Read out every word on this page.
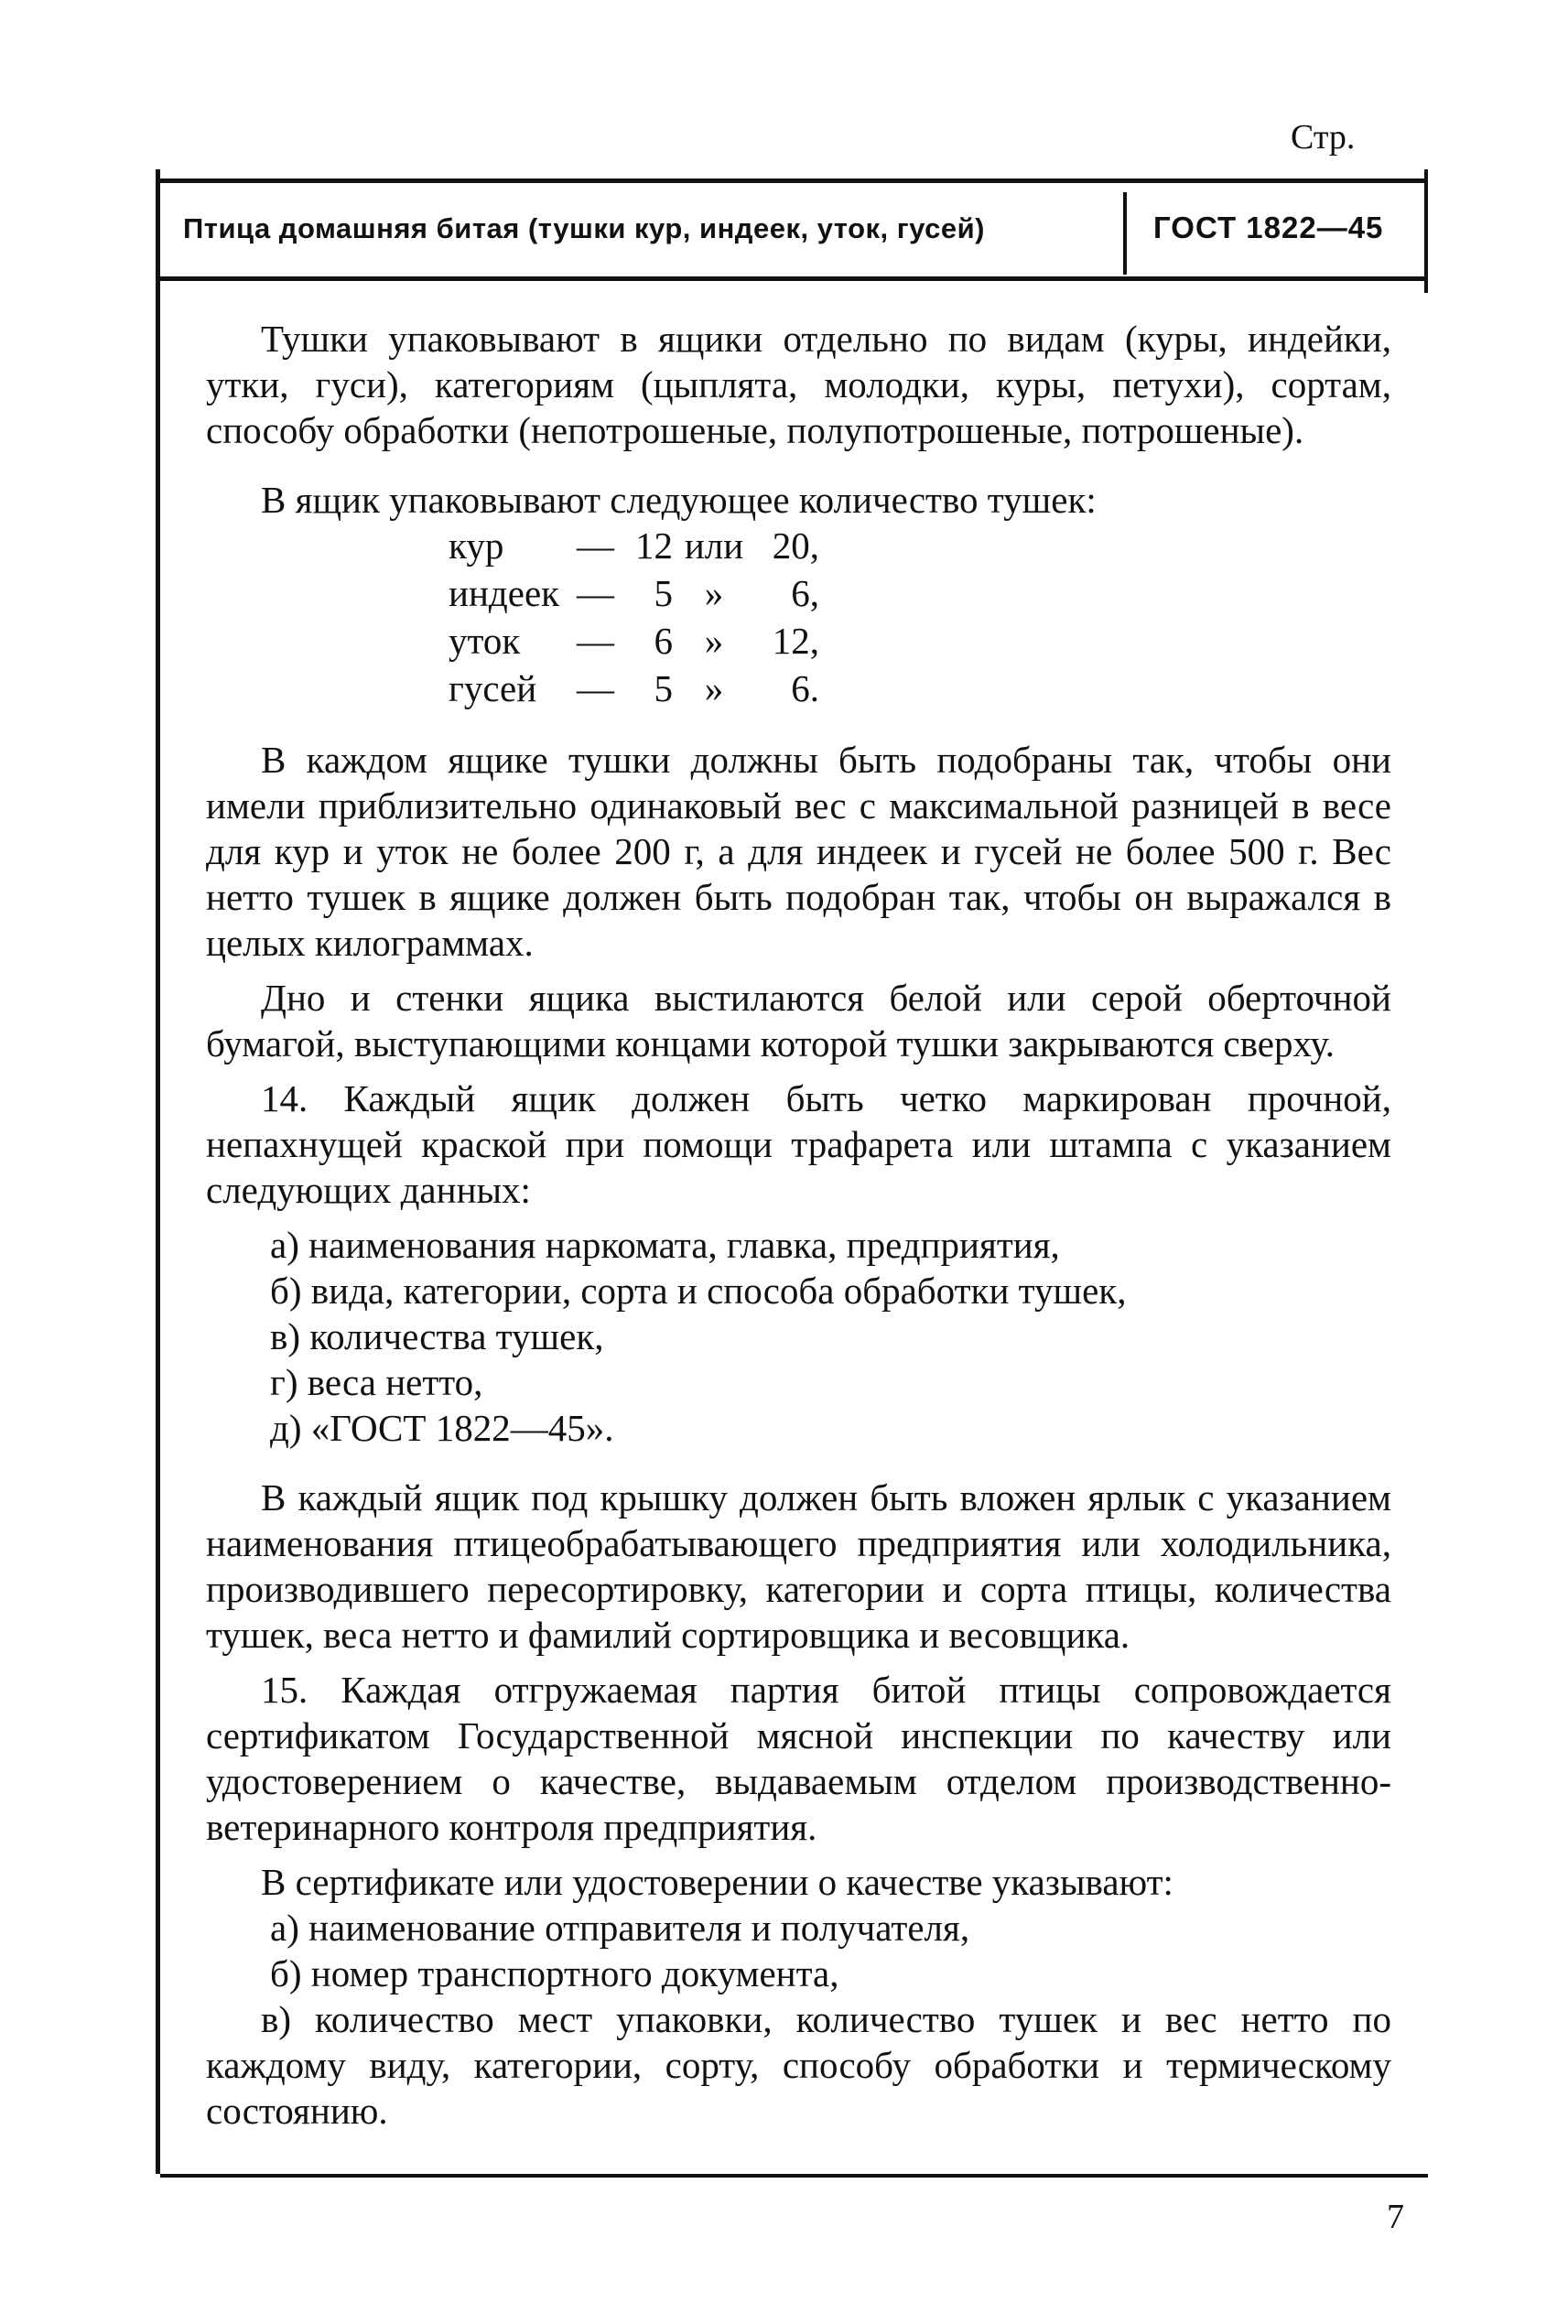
Стр.
Птица домашняя битая (тушки кур, индеек, уток, гусей)	ГОСТ 1822—45

Тушки упаковывают в ящики отдельно по видам (куры, индейки, утки, гуси), категориям (цыплята, молодки, куры, петухи), сортам, способу обработки (непотрошеные, полупотрошеные, потрошеные).

В ящик упаковывают следующее количество тушек:

кур	—	12	или	20,
индеек	—	5	»	6,
уток	—	6	»	12,
гусей	—	5	»	6.

В каждом ящике тушки должны быть подобраны так, чтобы они имели приблизительно одинаковый вес с максимальной разницей в весе для кур и уток не более 200 г, а для индеек и гусей не более 500 г. Вес нетто тушек в ящике должен быть подобран так, чтобы он выражался в целых килограммах.

Дно и стенки ящика выстилаются белой или серой оберточной бумагой, выступающими концами которой тушки закрываются сверху.

14. Каждый ящик должен быть четко маркирован прочной, непахнущей краской при помощи трафарета или штампа с указанием следующих данных:

а) наименования наркомата, главка, предприятия,

б) вида, категории, сорта и способа обработки тушек,

в) количества тушек,

г) веса нетто,

д) «ГОСТ 1822—45».

В каждый ящик под крышку должен быть вложен ярлык с указанием наименования птицеобрабатывающего предприятия или холодильника, производившего пересортировку, категории и сорта птицы, количества тушек, веса нетто и фамилий сортировщика и весовщика.

15. Каждая отгружаемая партия битой птицы сопровождается сертификатом Государственной мясной инспекции по качеству или удостоверением о качестве, выдаваемым отделом производственно-ветеринарного контроля предприятия.

В сертификате или удостоверении о качестве указывают:

а) наименование отправителя и получателя,

б) номер транспортного документа,

в) количество мест упаковки, количество тушек и вес нетто по каждому виду, категории, сорту, способу обработки и термическому состоянию.

7
